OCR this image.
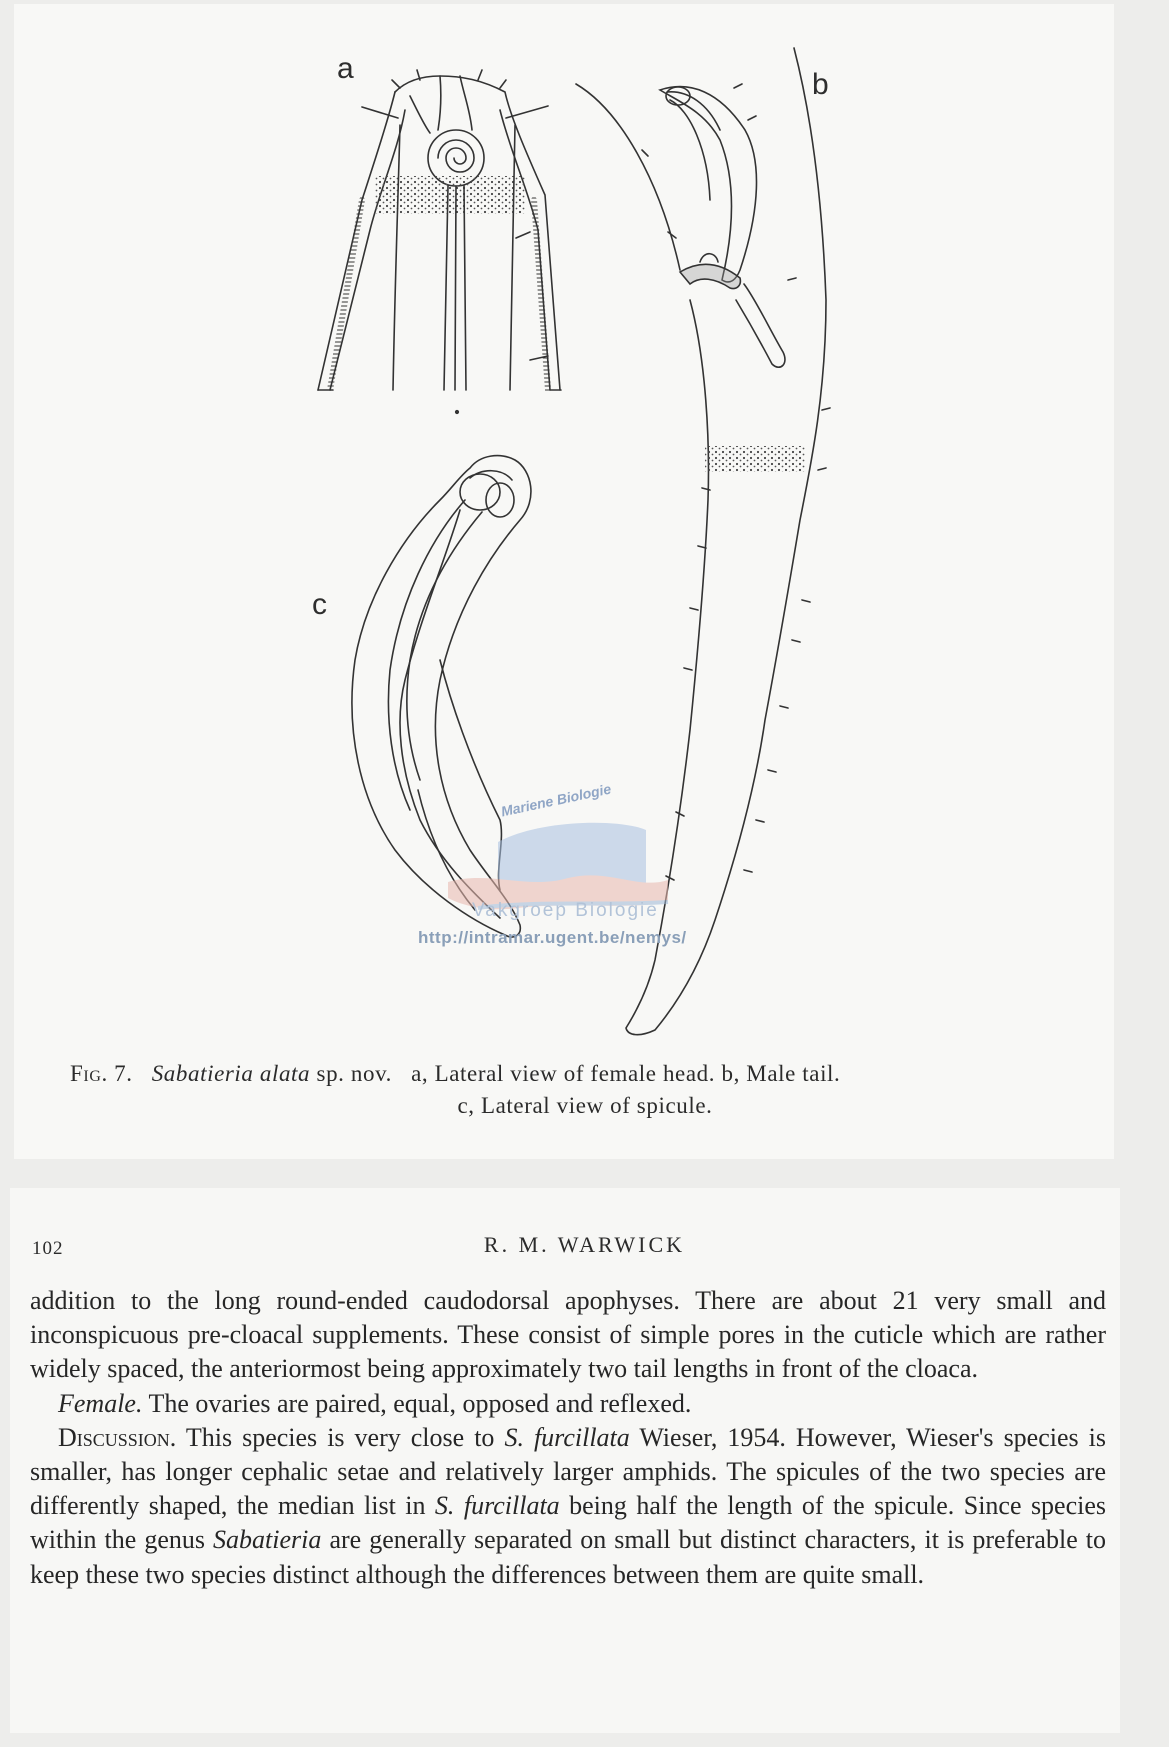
a	b
c
Mariene Biologie
Vakgroep Biologie
http://intramar.ugent.be/nemys/
Fig. 7. Sabatieria alata sp. nov. a, Lateral view of female head. b, Male tail.
c, Lateral view of spicule.
102	R. M. WARWICK

addition to the long round-ended caudodorsal apophyses. There are about 21 very small and inconspicuous pre-cloacal supplements. These consist of simple pores in the cuticle which are rather widely spaced, the anteriormost being approximately two tail lengths in front of the cloaca.

Female. The ovaries are paired, equal, opposed and reflexed.

Discussion. This species is very close to S. furcillata Wieser, 1954. However, Wieser's species is smaller, has longer cephalic setae and relatively larger amphids. The spicules of the two species are differently shaped, the median list in S. furcillata being half the length of the spicule. Since species within the genus Sabatieria are generally separated on small but distinct characters, it is preferable to keep these two species distinct although the differences between them are quite small.
